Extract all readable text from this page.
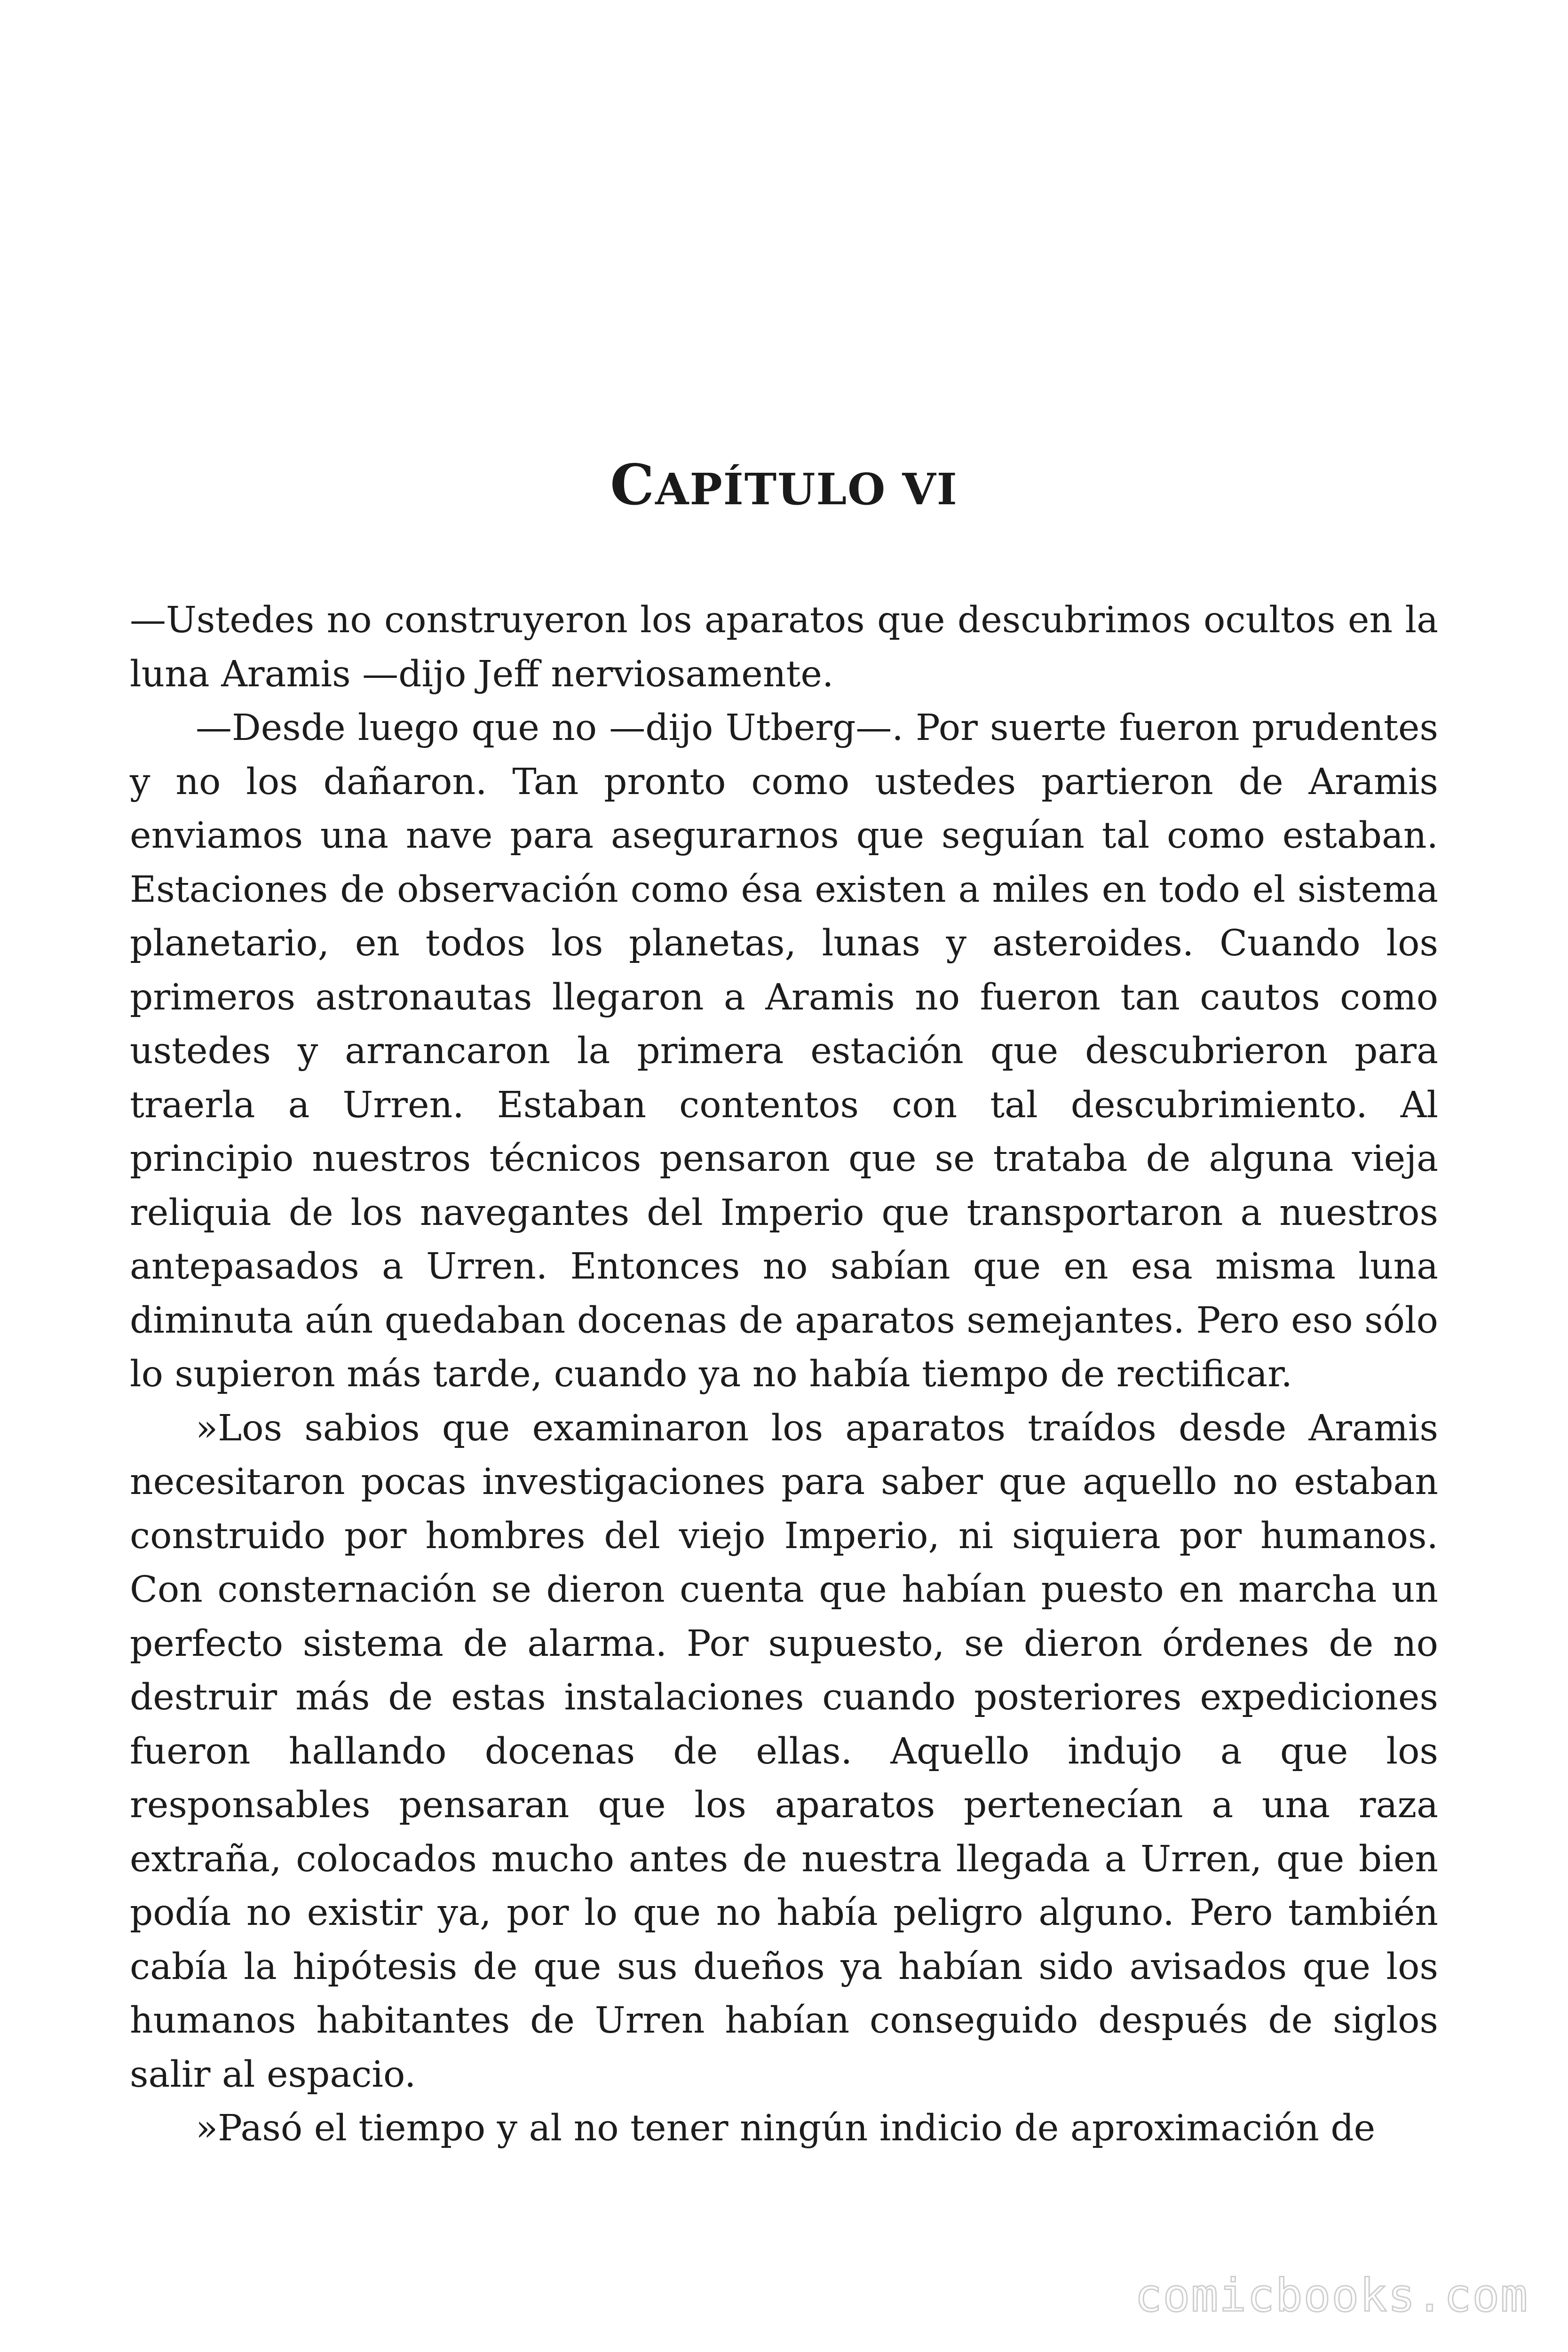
CAPÍTULO VI

—Ustedes no construyeron los aparatos que descubrimos ocultos en la luna Aramis —dijo Jeff nerviosamente.

—Desde luego que no —dijo Utberg—. Por suerte fueron prudentes y no los dañaron. Tan pronto como ustedes partieron de Aramis enviamos una nave para asegurarnos que seguían tal como estaban. Estaciones de observación como ésa existen a miles en todo el sistema planetario, en todos los planetas, lunas y asteroides. Cuando los primeros astronautas llegaron a Aramis no fueron tan cautos como ustedes y arrancaron la primera estación que descubrieron para traerla a Urren. Estaban contentos con tal descubrimiento. Al principio nuestros técnicos pensaron que se trataba de alguna vieja reliquia de los navegantes del Imperio que transportaron a nuestros antepasados a Urren. Entonces no sabían que en esa misma luna diminuta aún quedaban docenas de aparatos semejantes. Pero eso sólo lo supieron más tarde, cuando ya no había tiempo de rectificar.

»Los sabios que examinaron los aparatos traídos desde Aramis necesitaron pocas investigaciones para saber que aquello no estaban construido por hombres del viejo Imperio, ni siquiera por humanos. Con consternación se dieron cuenta que habían puesto en marcha un perfecto sistema de alarma. Por supuesto, se dieron órdenes de no destruir más de estas instalaciones cuando posteriores expediciones fueron hallando docenas de ellas. Aquello indujo a que los responsables pensaran que los aparatos pertenecían a una raza extraña, colocados mucho antes de nuestra llegada a Urren, que bien podía no existir ya, por lo que no había peligro alguno. Pero también cabía la hipótesis de que sus dueños ya habían sido avisados que los humanos habitantes de Urren habían conseguido después de siglos salir al espacio.

»Pasó el tiempo y al no tener ningún indicio de aproximación de

comicbooks.com
